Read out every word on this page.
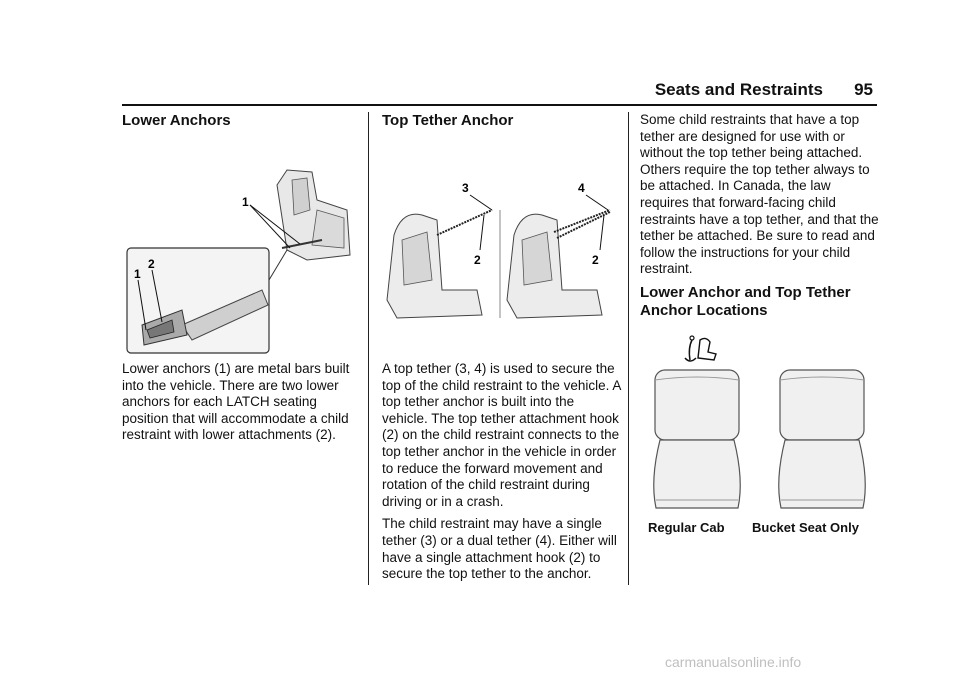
Seats and Restraints 95
Lower Anchors
1
2
1

Lower anchors (1) are metal bars built into the vehicle. There are two lower anchors for each LATCH seating position that will accommodate a child restraint with lower attachments (2).

Top Tether Anchor
3
2
4
2

A top tether (3, 4) is used to secure the top of the child restraint to the vehicle. A top tether anchor is built into the vehicle. The top tether attachment hook (2) on the child restraint connects to the top tether anchor in the vehicle in order to reduce the forward movement and rotation of the child restraint during driving or in a crash.

The child restraint may have a single tether (3) or a dual tether (4). Either will have a single attachment hook (2) to secure the top tether to the anchor.

Some child restraints that have a top tether are designed for use with or without the top tether being attached. Others require the top tether always to be attached. In Canada, the law requires that forward-facing child restraints have a top tether, and that the tether be attached. Be sure to read and follow the instructions for your child restraint.

Lower Anchor and Top Tether Anchor Locations
Regular Cab Bucket Seat Only
carmanualsonline.info
